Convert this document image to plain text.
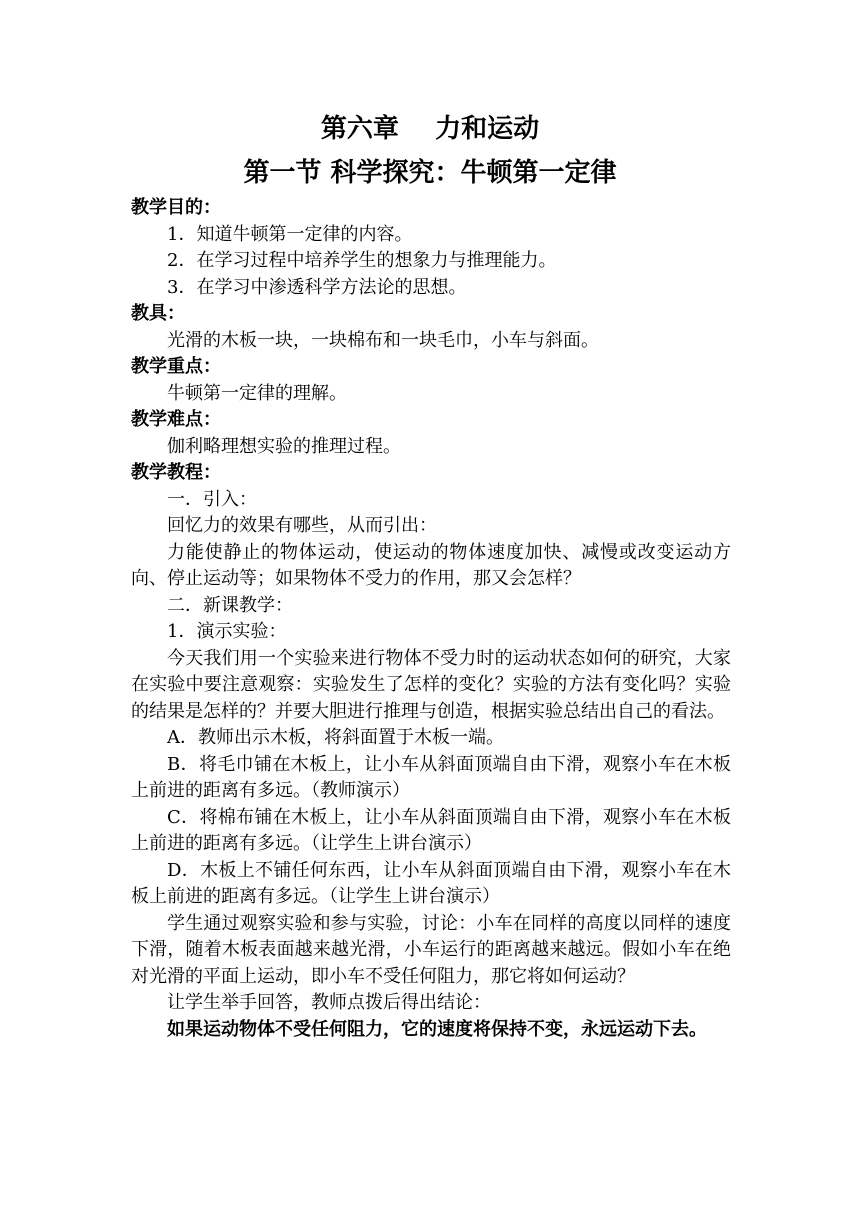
第六章    力和运动
第一节 科学探究：牛顿第一定律

教学目的：

1．知道牛顿第一定律的内容。

2．在学习过程中培养学生的想象力与推理能力。

3．在学习中渗透科学方法论的思想。

教具：

光滑的木板一块，一块棉布和一块毛巾，小车与斜面。

教学重点：

牛顿第一定律的理解。

教学难点：

伽利略理想实验的推理过程。

教学教程：

一．引入：

回忆力的效果有哪些，从而引出：

力能使静止的物体运动，使运动的物体速度加快、减慢或改变运动方向、停止运动等；如果物体不受力的作用，那又会怎样？

二．新课教学：

1．演示实验：

今天我们用一个实验来进行物体不受力时的运动状态如何的研究，大家在实验中要注意观察：实验发生了怎样的变化？实验的方法有变化吗？实验的结果是怎样的？并要大胆进行推理与创造，根据实验总结出自己的看法。

A．教师出示木板，将斜面置于木板一端。

B．将毛巾铺在木板上，让小车从斜面顶端自由下滑，观察小车在木板上前进的距离有多远。（教师演示）

C．将棉布铺在木板上，让小车从斜面顶端自由下滑，观察小车在木板上前进的距离有多远。（让学生上讲台演示）

D．木板上不铺任何东西，让小车从斜面顶端自由下滑，观察小车在木板上前进的距离有多远。（让学生上讲台演示）

学生通过观察实验和参与实验，讨论：小车在同样的高度以同样的速度下滑，随着木板表面越来越光滑，小车运行的距离越来越远。假如小车在绝对光滑的平面上运动，即小车不受任何阻力，那它将如何运动？

让学生举手回答，教师点拨后得出结论：

如果运动物体不受任何阻力，它的速度将保持不变，永远运动下去。
